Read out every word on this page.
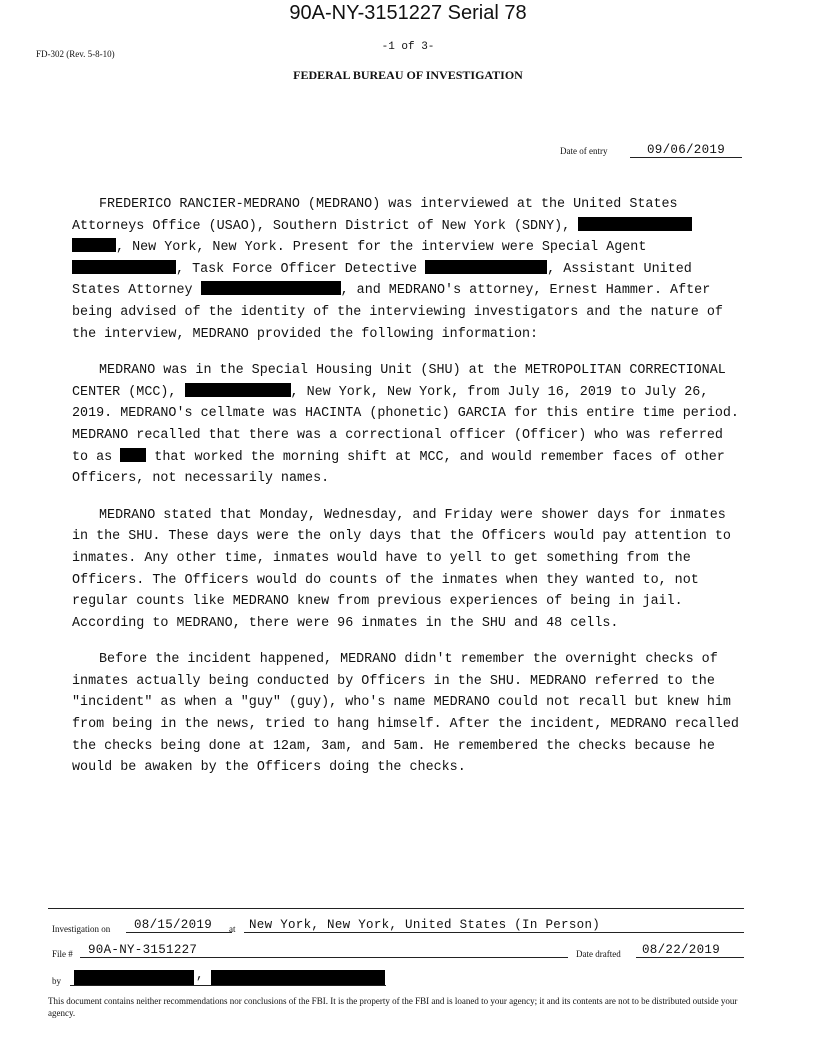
90A-NY-3151227 Serial 78
FD-302 (Rev. 5-8-10)
-1 of 3-
FEDERAL BUREAU OF INVESTIGATION
Date of entry	09/06/2019

FREDERICO RANCIER-MEDRANO (MEDRANO) was interviewed at the United States Attorneys Office (USAO), Southern District of New York (SDNY),  , New York, New York. Present for the interview were Special Agent , Task Force Officer Detective	, Assistant United States Attorney	, and MEDRANO's attorney, Ernest Hammer. After being advised of the identity of the interviewing investigators and the nature of the interview, MEDRANO provided the following information:

MEDRANO was in the Special Housing Unit (SHU) at the METROPOLITAN CORRECTIONAL CENTER (MCC),	, New York, New York, from July 16, 2019 to July 26, 2019. MEDRANO's cellmate was HACINTA (phonetic) GARCIA for this entire time period. MEDRANO recalled that there was a correctional officer (Officer) who was referred to as	that worked the morning shift at MCC, and would remember faces of other Officers, not necessarily names.

MEDRANO stated that Monday, Wednesday, and Friday were shower days for inmates in the SHU. These days were the only days that the Officers would pay attention to inmates. Any other time, inmates would have to yell to get something from the Officers. The Officers would do counts of the inmates when they wanted to, not regular counts like MEDRANO knew from previous experiences of being in jail. According to MEDRANO, there were 96 inmates in the SHU and 48 cells.

Before the incident happened, MEDRANO didn't remember the overnight checks of inmates actually being conducted by Officers in the SHU. MEDRANO referred to the "incident" as when a "guy" (guy), who's name MEDRANO could not recall but knew him from being in the news, tried to hang himself. After the incident, MEDRANO recalled the checks being done at 12am, 3am, and 5am. He remembered the checks because he would be awaken by the Officers doing the checks.

Investigation on	08/15/2019	at	New York, New York, United States (In Person)
File #	90A-NY-3151227	Date drafted	08/22/2019
by	,
This document contains neither recommendations nor conclusions of the FBI. It is the property of the FBI and is loaned to your agency; it and its contents are not to be distributed outside your agency.
